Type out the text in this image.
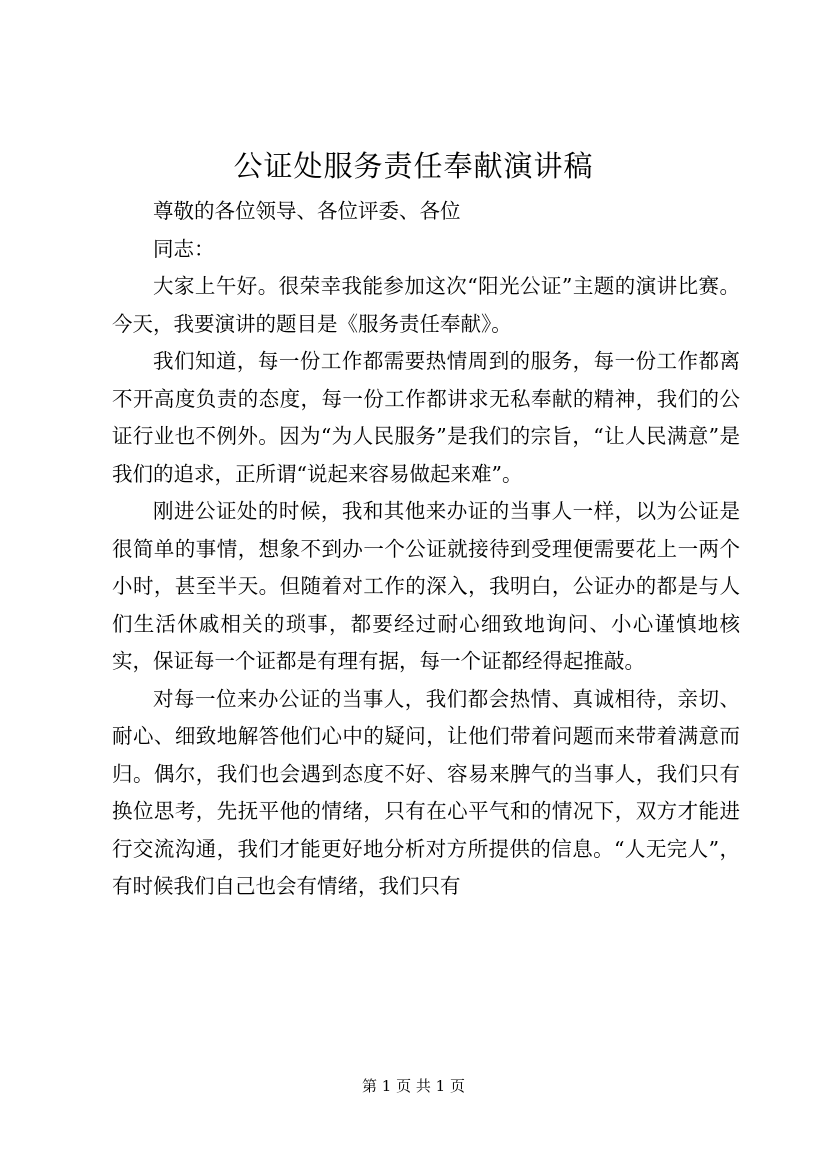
公证处服务责任奉献演讲稿

尊敬的各位领导、各位评委、各位

同志：

大家上午好。很荣幸我能参加这次“阳光公证”主题的演讲比赛。今天，我要演讲的题目是《服务责任奉献》。

我们知道，每一份工作都需要热情周到的服务，每一份工作都离不开高度负责的态度，每一份工作都讲求无私奉献的精神，我们的公证行业也不例外。因为“为人民服务”是我们的宗旨，“让人民满意”是我们的追求，正所谓“说起来容易做起来难”。

刚进公证处的时候，我和其他来办证的当事人一样，以为公证是很简单的事情，想象不到办一个公证就接待到受理便需要花上一两个小时，甚至半天。但随着对工作的深入，我明白，公证办的都是与人们生活休戚相关的琐事，都要经过耐心细致地询问、小心谨慎地核实，保证每一个证都是有理有据，每一个证都经得起推敲。

对每一位来办公证的当事人，我们都会热情、真诚相待，亲切、耐心、细致地解答他们心中的疑问，让他们带着问题而来带着满意而归。偶尔，我们也会遇到态度不好、容易来脾气的当事人，我们只有换位思考，先抚平他的情绪，只有在心平气和的情况下，双方才能进行交流沟通，我们才能更好地分析对方所提供的信息。“人无完人”，有时候我们自己也会有情绪，我们只有

第 1 页 共 1 页
